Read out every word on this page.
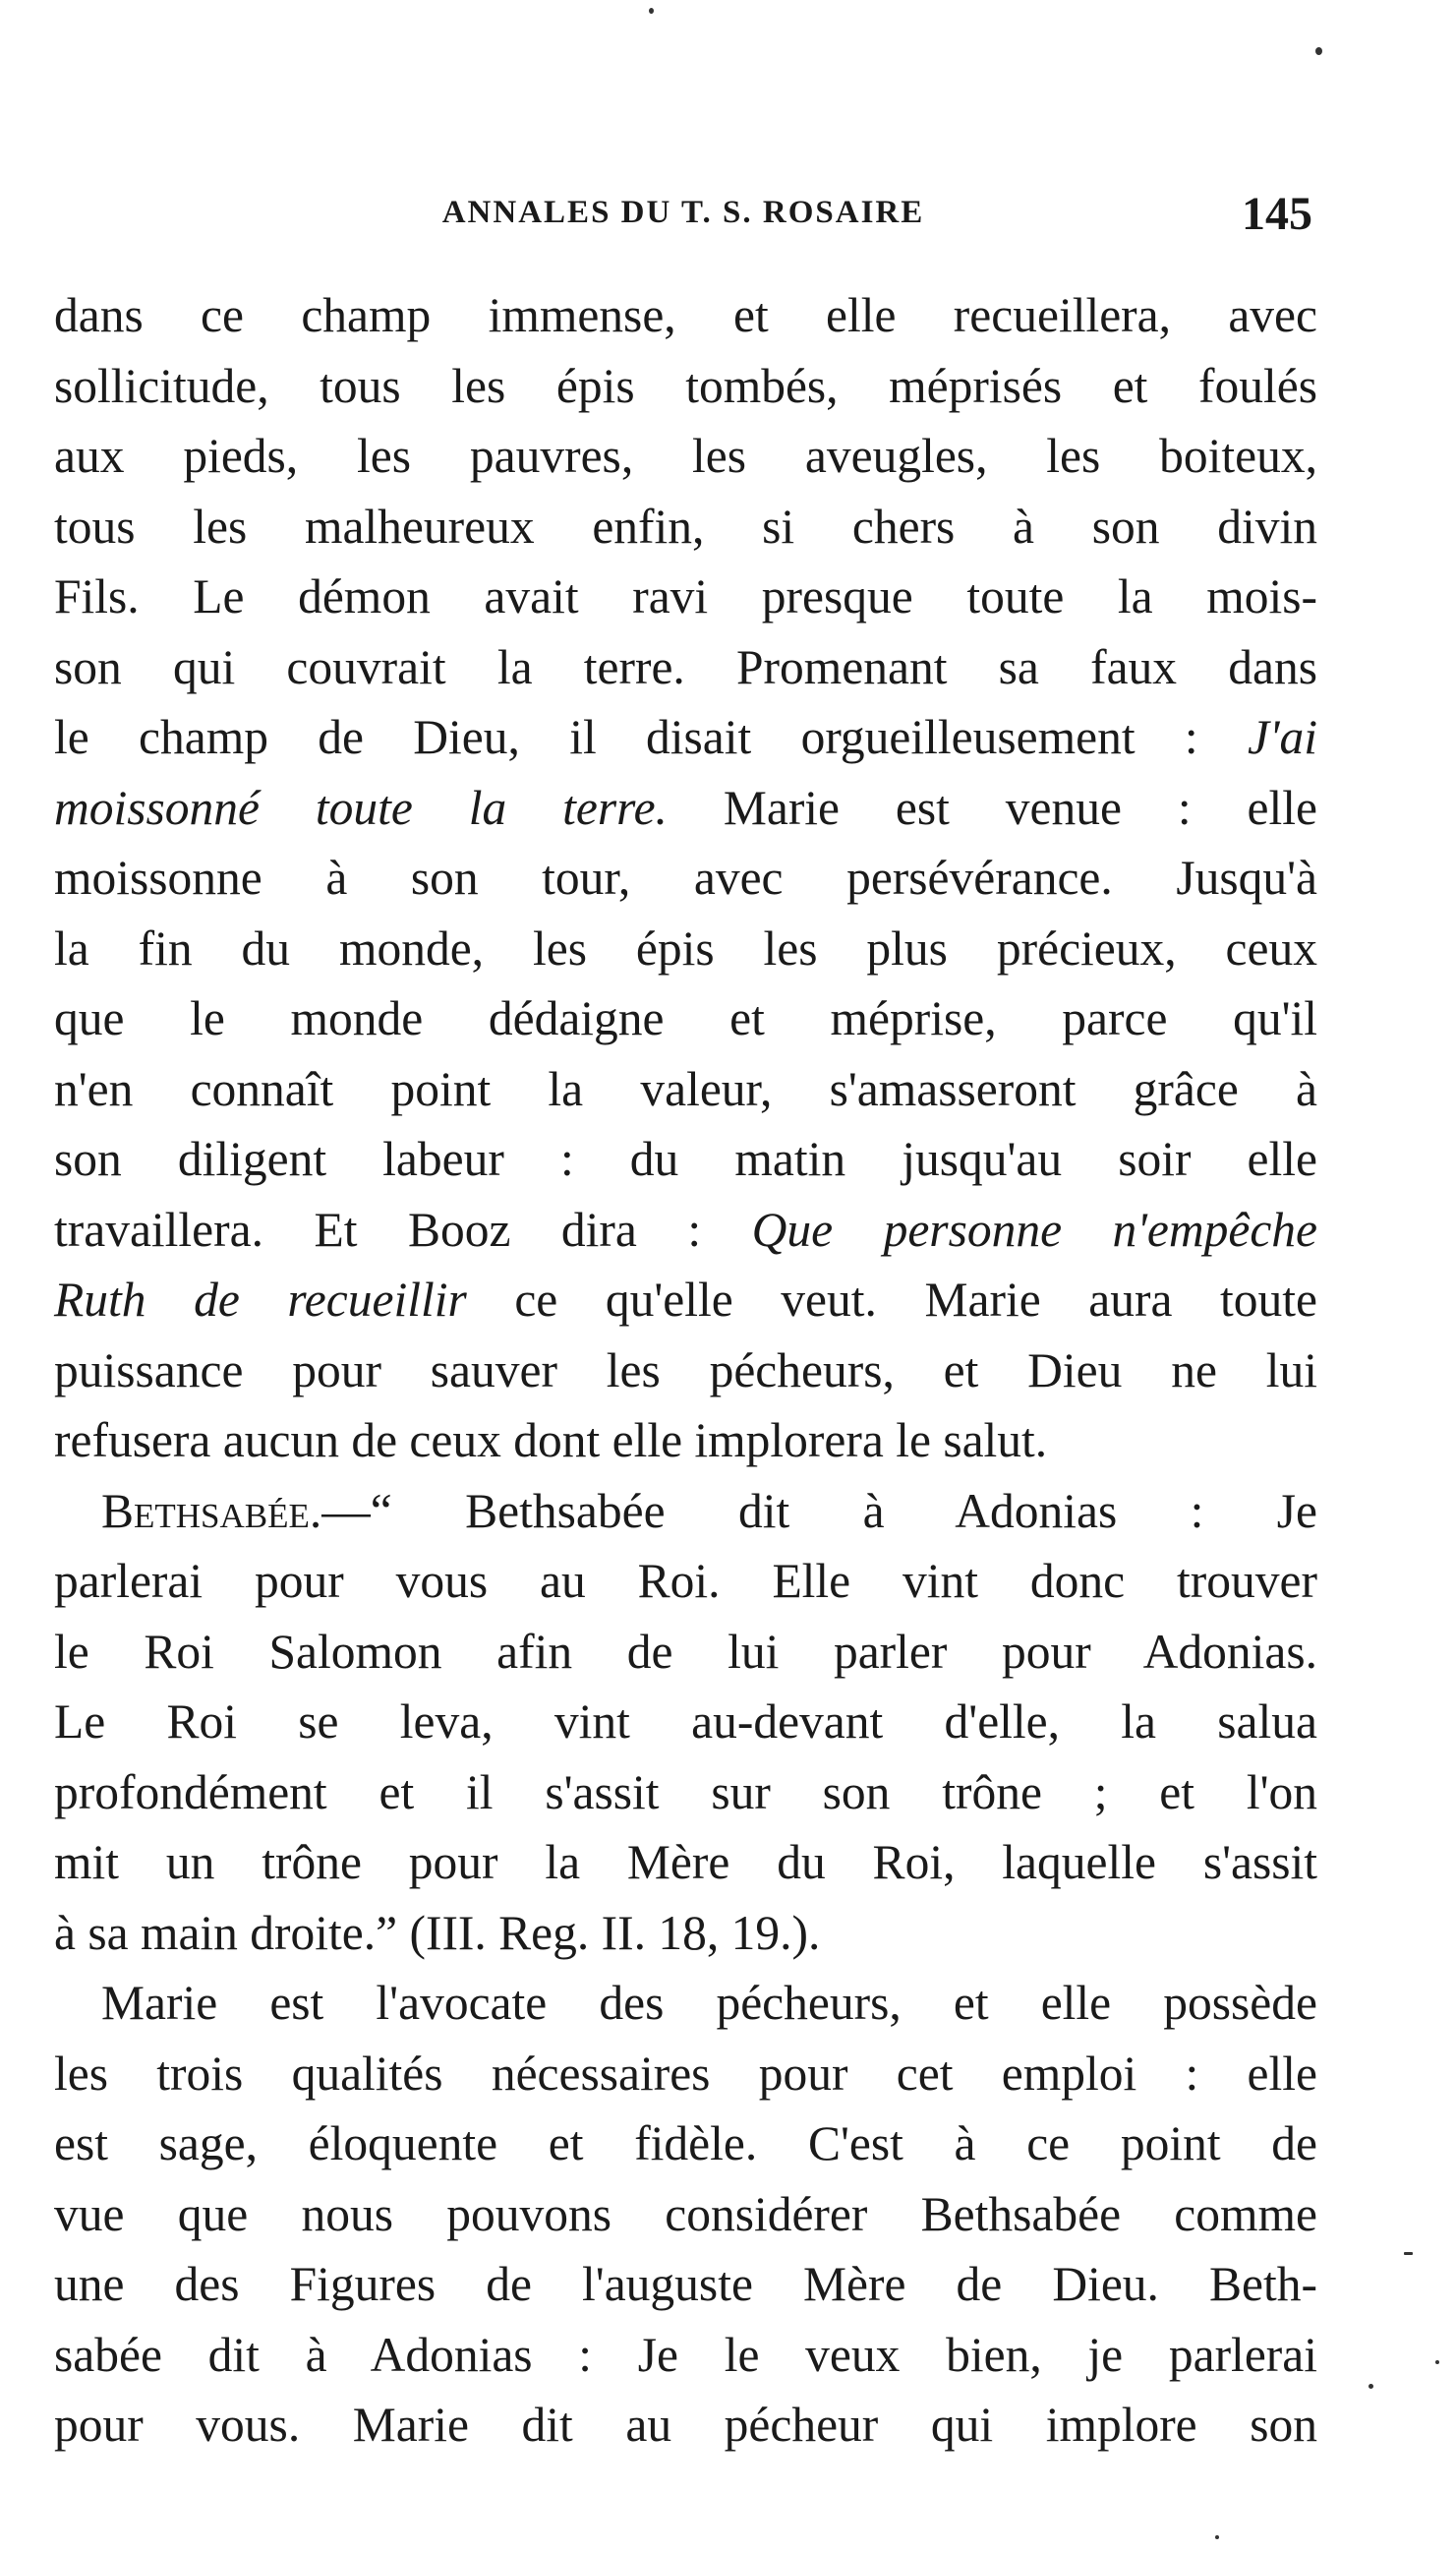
ANNALES DU T. S. ROSAIRE	145
dans ce champ immense, et elle recueillera, avec
sollicitude, tous les épis tombés, méprisés et foulés
aux pieds, les pauvres, les aveugles, les boiteux,
tous les malheureux enfin, si chers à son divin
Fils. Le démon avait ravi presque toute la mois-
son qui couvrait la terre. Promenant sa faux dans
le champ de Dieu, il disait orgueilleusement : J'ai
moissonné toute la terre. Marie est venue : elle
moissonne à son tour, avec persévérance. Jusqu'à
la fin du monde, les épis les plus précieux, ceux
que le monde dédaigne et méprise, parce qu'il
n'en connaît point la valeur, s'amasseront grâce à
son diligent labeur : du matin jusqu'au soir elle
travaillera. Et Booz dira : Que personne n'empêche
Ruth de recueillir ce qu'elle veut. Marie aura toute
puissance pour sauver les pécheurs, et Dieu ne lui
refusera aucun de ceux dont elle implorera le salut.
Bethsabée.—“ Bethsabée dit à Adonias : Je
parlerai pour vous au Roi. Elle vint donc trouver
le Roi Salomon afin de lui parler pour Adonias.
Le Roi se leva, vint au-devant d'elle, la salua
profondément et il s'assit sur son trône ; et l'on
mit un trône pour la Mère du Roi, laquelle s'assit
à sa main droite.” (III. Reg. II. 18, 19.).
Marie est l'avocate des pécheurs, et elle possède
les trois qualités nécessaires pour cet emploi : elle
est sage, éloquente et fidèle. C'est à ce point de
vue que nous pouvons considérer Bethsabée comme
une des Figures de l'auguste Mère de Dieu. Beth-
sabée dit à Adonias : Je le veux bien, je parlerai
pour vous. Marie dit au pécheur qui implore son
